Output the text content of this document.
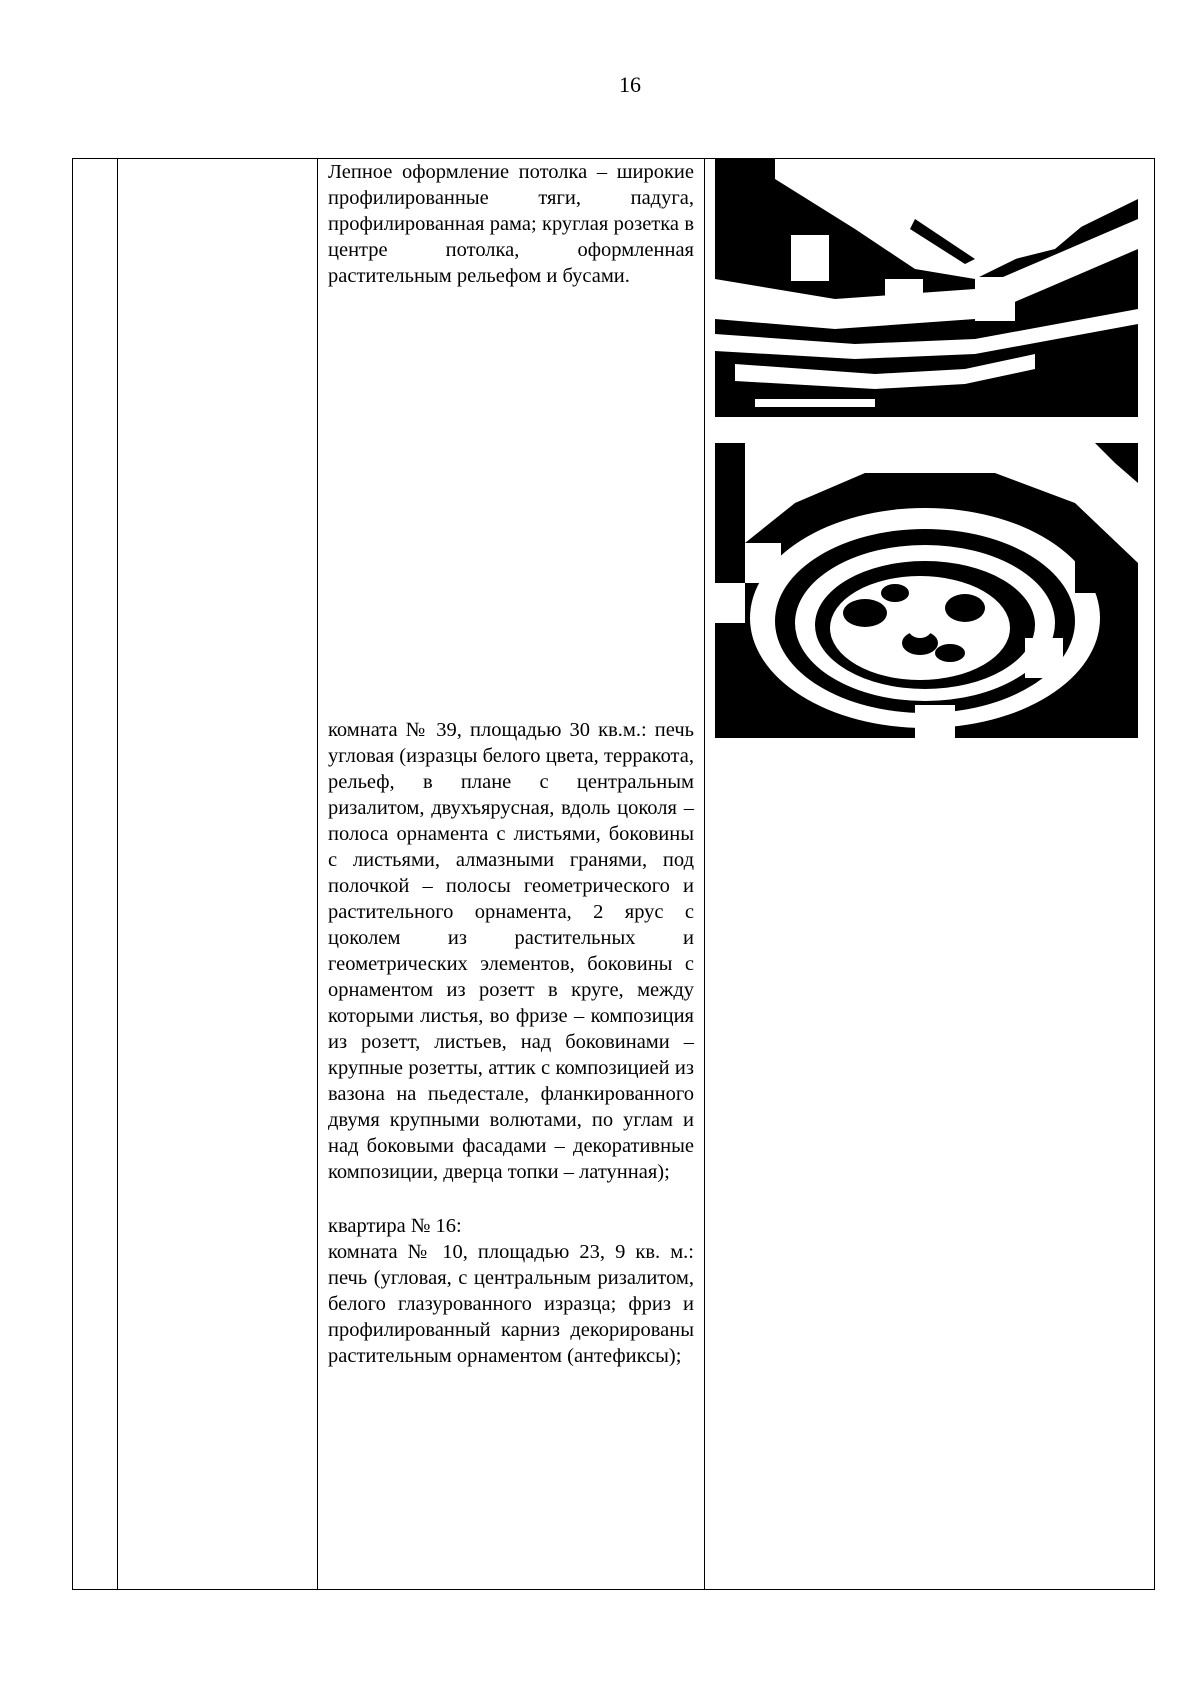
16

Лепное оформление потолка – широкие профилированные тяги, падуга, профилированная рама; круглая розетка в центре потолка, оформленная растительным рельефом и бусами.

комната № 39, площадью 30 кв.м.: печь угловая (изразцы белого цвета, терракота, рельеф, в плане с центральным ризалитом, двухъярусная, вдоль цоколя – полоса орнамента с листьями, боковины с листьями, алмазными гранями, под полочкой – полосы геометрического и растительного орнамента, 2 ярус с цоколем из растительных и геометрических элементов, боковины с орнаментом из розетт в круге, между которыми листья, во фризе – композиция из розетт, листьев, над боковинами – крупные розетты, аттик с композицией из вазона на пьедестале, фланкированного двумя крупными волютами, по углам и над боковыми фасадами – декоративные композиции, дверца топки – латунная);

квартира № 16:

комната № 10, площадью 23, 9 кв. м.: печь (угловая, с центральным ризалитом, белого глазурованного изразца; фриз и профилированный карниз декорированы растительным орнаментом (антефиксы);
